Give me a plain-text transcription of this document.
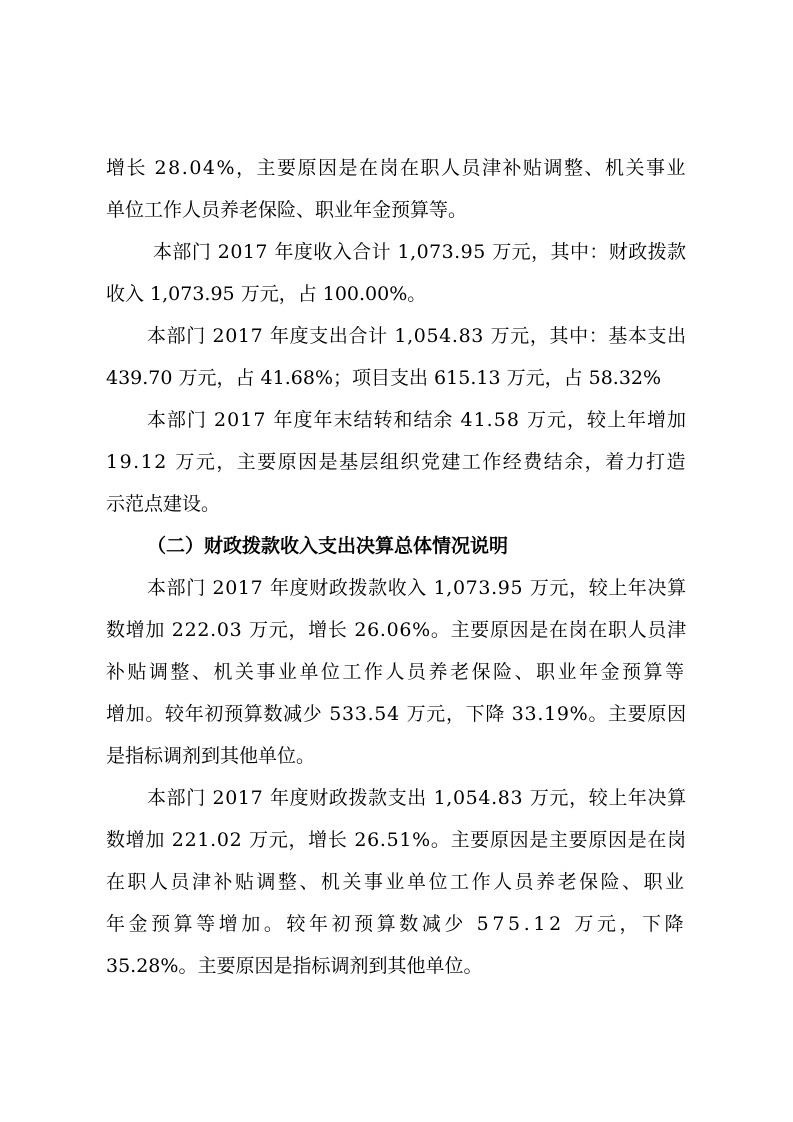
增长 28.04%，主要原因是在岗在职人员津补贴调整、机关事业
单位工作人员养老保险、职业年金预算等。
本部门 2017 年度收入合计 1,073.95 万元，其中：财政拨款
收入 1,073.95 万元，占 100.00%。
本部门 2017 年度支出合计 1,054.83 万元，其中：基本支出
439.70 万元，占 41.68%；项目支出 615.13 万元，占 58.32%
本部门 2017 年度年末结转和结余 41.58 万元，较上年增加
19.12 万元，主要原因是基层组织党建工作经费结余，着力打造
示范点建设。
（二）财政拨款收入支出决算总体情况说明
本部门 2017 年度财政拨款收入 1,073.95 万元，较上年决算
数增加 222.03 万元，增长 26.06%。主要原因是在岗在职人员津
补贴调整、机关事业单位工作人员养老保险、职业年金预算等
增加。较年初预算数减少 533.54 万元，下降 33.19%。主要原因
是指标调剂到其他单位。
本部门 2017 年度财政拨款支出 1,054.83 万元，较上年决算
数增加 221.02 万元，增长 26.51%。主要原因是主要原因是在岗
在职人员津补贴调整、机关事业单位工作人员养老保险、职业
年金预算等增加。较年初预算数减少 575.12 万元，下降
35.28%。主要原因是指标调剂到其他单位。
